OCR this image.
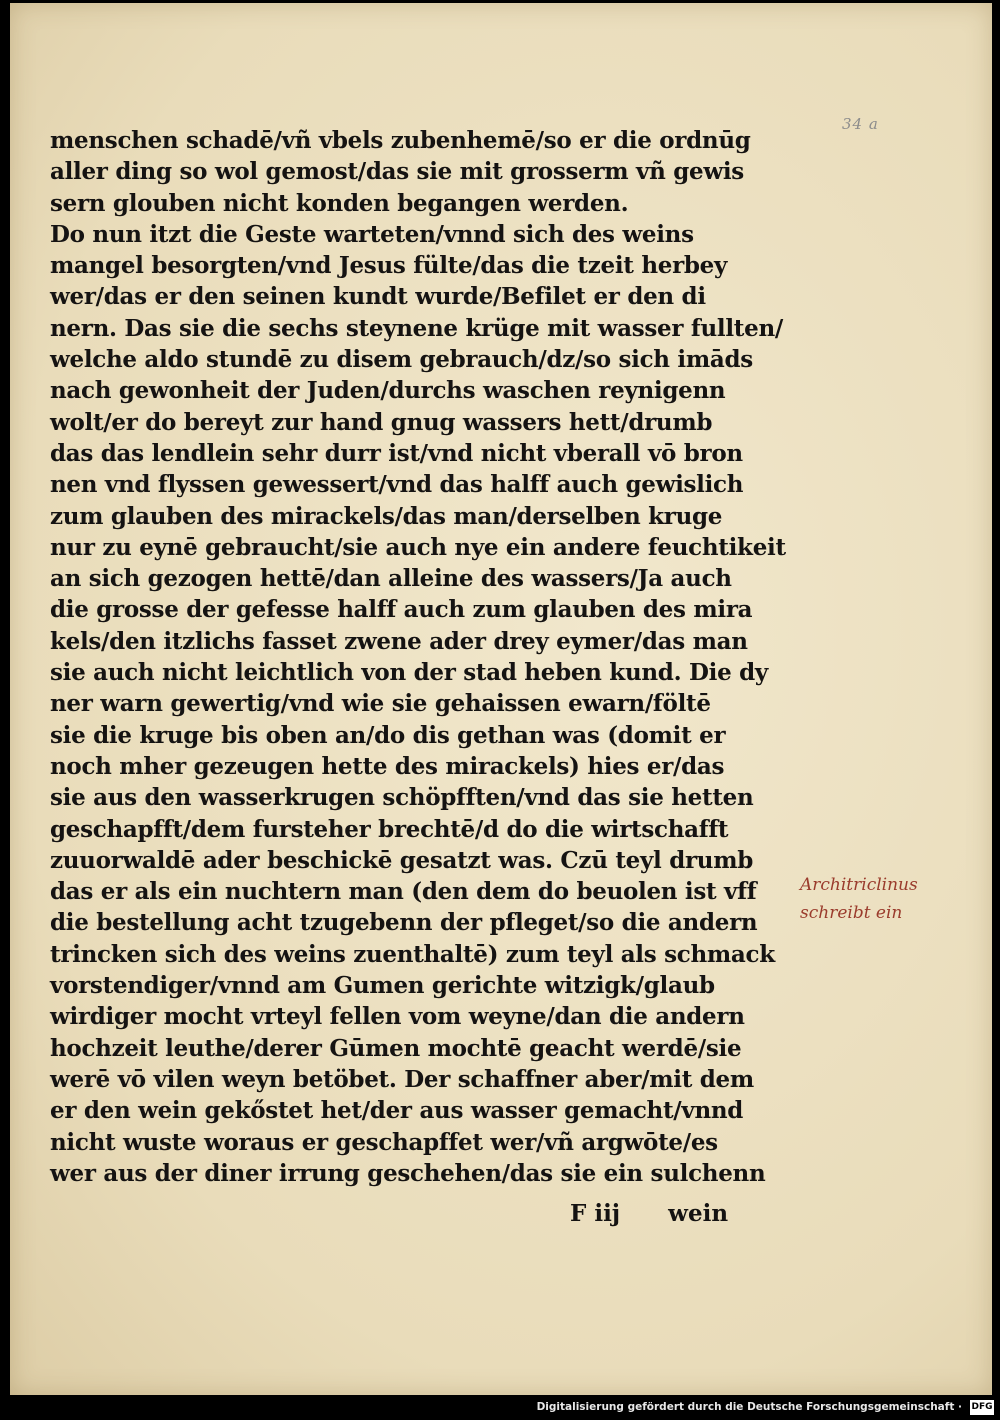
34 a
menschen schadē/vñ vbels zubenhemē/so er die ordnūg
aller ding so wol gemost/das sie mit grosserm vñ gewis
sern glouben nicht konden begangen werden.
Do nun itzt die Geste warteten/vnnd sich des weins
mangel besorgten/vnd Jesus fülte/das die tzeit herbey
wer/das er den seinen kundt wurde/Befilet er den di
nern. Das sie die sechs steynene krüge mit wasser fullten/
welche aldo stundē zu disem gebrauch/dz/so sich imāds
nach gewonheit der Juden/durchs waschen reynigenn
wolt/er do bereyt zur hand gnug wassers hett/drumb
das das lendlein sehr durr ist/vnd nicht vberall vō bron
nen vnd flyssen gewessert/vnd das halff auch gewislich
zum glauben des mirackels/das man/derselben kruge
nur zu eynē gebraucht/sie auch nye ein andere feuchtikeit
an sich gezogen hettē/dan alleine des wassers/Ja auch
die grosse der gefesse halff auch zum glauben des mira
kels/den itzlichs fasset zwene ader drey eymer/das man
sie auch nicht leichtlich von der stad heben kund. Die dy
ner warn gewertig/vnd wie sie gehaissen ewarn/föltē
sie die kruge bis oben an/do dis gethan was (domit er
noch mher gezeugen hette des mirackels) hies er/das
sie aus den wasserkrugen schöpfften/vnd das sie hetten
geschapfft/dem fursteher brechtē/d do die wirtschafft
zuuorwaldē ader beschickē gesatzt was. Czū teyl drumb
das er als ein nuchtern man (den dem do beuolen ist vff
die bestellung acht tzugebenn der pfleget/so die andern
trincken sich des weins zuenthaltē) zum teyl als schmack
vorstendiger/vnnd am Gumen gerichte witzigk/glaub
wirdiger mocht vrteyl fellen vom weyne/dan die andern
hochzeit leuthe/derer Gūmen mochtē geacht werdē/sie
werē vō vilen weyn betöbet. Der schaffner aber/mit dem
er den wein gekőstet het/der aus wasser gemacht/vnnd
nicht wuste woraus er geschapffet wer/vñ argwōte/es
wer aus der diner irrung geschehen/das sie ein sulchenn
F iij wein
Architriclinus
schreibt ein
Digitalisierung gefördert durch die Deutsche Forschungsgemeinschaft · DFG
